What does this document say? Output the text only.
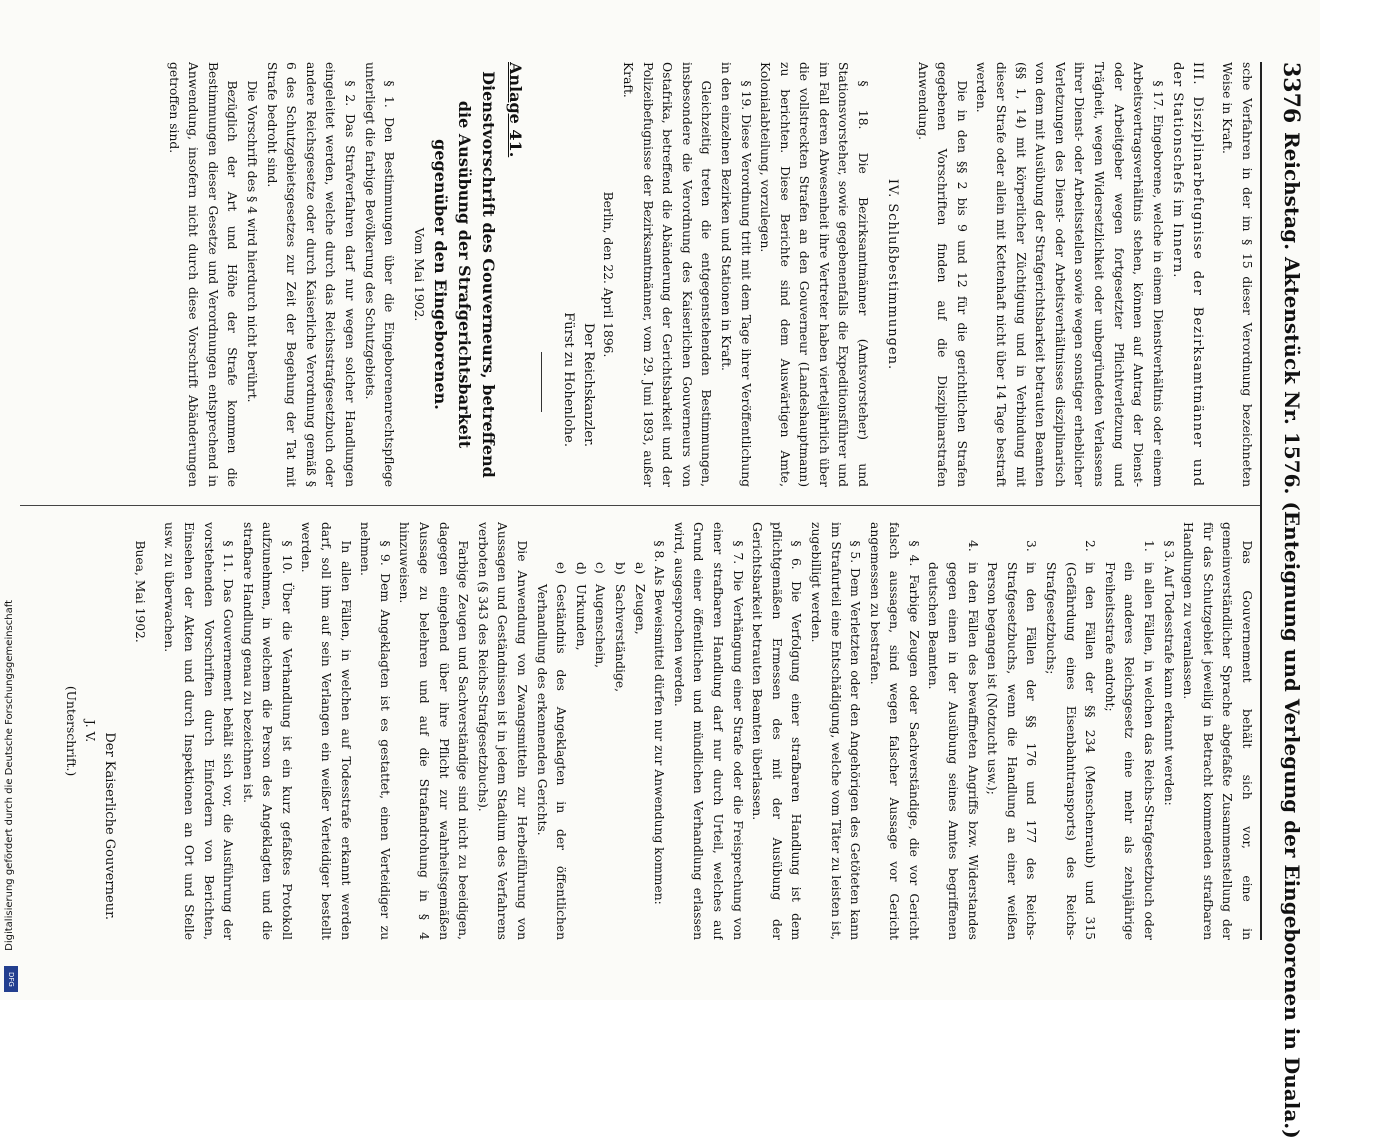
3376
Reichstag. Aktenstück Nr. 1576. (Enteignung und Verlegung der Eingeborenen in Duala.)

sche Verfahren in der im § 15 dieser Verordnung bezeichneten Weise in Kraft.

III. Disziplinarbefugnisse der Bezirksamtmänner und der Stationschefs im Innern.

§ 17. Eingeborene, welche in einem Dienstverhältnis oder einem Arbeitsvertragsverhältnis stehen, können auf Antrag der Dienst- oder Arbeitgeber wegen fortgesetzter Pflichtverletzung und Trägheit, wegen Widersetzlichkeit oder unbegründeten Verlassens ihrer Dienst- oder Arbeitsstellen sowie wegen sonstiger erheblicher Verletzungen des Dienst- oder Arbeitsverhältnisses disziplinarisch von dem mit Ausübung der Strafgerichtsbarkeit betrauten Beamten (§§ 1, 14) mit körperlicher Züchtigung und in Verbindung mit dieser Strafe oder allein mit Kettenhaft nicht über 14 Tage bestraft werden.

Die in den §§ 2 bis 9 und 12 für die gerichtlichen Strafen gegebenen Vorschriften finden auf die Disziplinarstrafen Anwendung.

IV. Schlußbestimmungen.

§ 18. Die Bezirksamtmänner (Amtsvorsteher) und Stationsvorsteher, sowie gegebenenfalls die Expeditionsführer und im Fall deren Abwesenheit ihre Vertreter haben vierteljährlich über die vollstreckten Strafen an den Gouverneur (Landeshauptmann) zu berichten. Diese Berichte sind dem Auswärtigen Amte, Kolonialabteilung, vorzulegen.

§ 19. Diese Verordnung tritt mit dem Tage ihrer Veröffentlichung in den einzelnen Bezirken und Stationen in Kraft.

Gleichzeitig treten die entgegenstehenden Bestimmungen, insbesondere die Verordnung des Kaiserlichen Gouverneurs von Ostafrika, betreffend die Abänderung der Gerichtsbarkeit und der Polizeibefugnisse der Bezirksamtmänner, vom 29. Juni 1893, außer Kraft.

Berlin, den 22. April 1896.

Der Reichskanzler.

Fürst zu Hohenlohe.

Anlage 41.

Dienstvorschrift des Gouverneurs, betreffend die Ausübung der Strafgerichtsbarkeit gegenüber den Eingeborenen.

Vom Mai 1902.

§ 1. Den Bestimmungen über die Eingeborenenrechtspflege unterliegt die farbige Bevölkerung des Schutzgebiets.

§ 2. Das Strafverfahren darf nur wegen solcher Handlungen eingeleitet werden, welche durch das Reichsstrafgesetzbuch oder andere Reichsgesetze oder durch Kaiserliche Verordnung gemäß § 6 des Schutzgebietsgesetzes zur Zeit der Begehung der Tat mit Strafe bedroht sind.

Die Vorschrift des § 4 wird hierdurch nicht berührt.

Bezüglich der Art und Höhe der Strafe kommen die Bestimmungen dieser Gesetze und Verordnungen entsprechend in Anwendung, insofern nicht durch diese Vorschrift Abänderungen getroffen sind.

Das Gouvernement behält sich vor, eine in gemeinverständlicher Sprache abgefaßte Zusammenstellung der für das Schutzgebiet jeweilig in Betracht kommenden strafbaren Handlungen zu veranlassen.

§ 3. Auf Todesstrafe kann erkannt werden:

1.
in allen Fällen, in welchen das Reichs-Strafgesetzbuch oder ein anderes Reichsgesetz eine mehr als zehnjährige Freiheitsstrafe androht;
2.
in den Fällen der §§ 234 (Menschenraub) und 315 (Gefährdung eines Eisenbahntransports) des Reichs-Strafgesetzbuchs;
3.
in den Fällen der §§ 176 und 177 des Reichs-Strafgesetzbuchs, wenn die Handlung an einer weißen Person begangen ist (Notzucht usw.);
4.
in den Fällen des bewaffneten Angriffs bzw. Widerstandes gegen einen in der Ausübung seines Amtes begriffenen deutschen Beamten.

§ 4. Farbige Zeugen oder Sachverständige, die vor Gericht falsch aussagen, sind wegen falscher Aussage vor Gericht angemessen zu bestrafen.

§ 5. Dem Verletzten oder den Angehörigen des Getöteten kann im Strafurteil eine Entschädigung, welche vom Täter zu leisten ist, zugebilligt werden.

§ 6. Die Verfolgung einer strafbaren Handlung ist dem pflichtgemäßen Ermessen des mit der Ausübung der Gerichtsbarkeit betrauten Beamten überlassen.

§ 7. Die Verhängung einer Strafe oder die Freisprechung von einer strafbaren Handlung darf nur durch Urteil, welches auf Grund einer öffentlichen und mündlichen Verhandlung erlassen wird, ausgesprochen werden.

§ 8. Als Beweismittel dürfen nur zur Anwendung kommen:

a)
Zeugen,
b)
Sachverständige,
c)
Augenschein,
d)
Urkunden,
e)
Geständnis des Angeklagten in der öffentlichen Verhandlung des erkennenden Gerichts.

Die Anwendung von Zwangsmitteln zur Herbeiführung von Aussagen und Geständnissen ist in jedem Stadium des Verfahrens verboten (§ 343 des Reichs-Strafgesetzbuchs).

Farbige Zeugen und Sachverständige sind nicht zu beeidigen, dagegen eingehend über ihre Pflicht zur wahrheitsgemäßen Aussage zu belehren und auf die Strafandrohung in § 4 hinzuweisen.

§ 9. Dem Angeklagten ist es gestattet, einen Verteidiger zu nehmen.

In allen Fällen, in welchen auf Todesstrafe erkannt werden darf, soll ihm auf sein Verlangen ein weißer Verteidiger bestellt werden.

§ 10. Über die Verhandlung ist ein kurz gefaßtes Protokoll aufzunehmen, in welchem die Person des Angeklagten und die strafbare Handlung genau zu bezeichnen ist.

§ 11. Das Gouvernement behält sich vor, die Ausführung der vorstehenden Vorschriften durch Einfordern von Berichten, Einsehen der Akten und durch Inspektionen an Ort und Stelle usw. zu überwachen.

Buea, Mai 1902.

Der Kaiserliche Gouverneur.

J. V.

(Unterschrift.)

Digitalisierung gefördert durch die Deutsche Forschungsgemeinschaft
DFG
